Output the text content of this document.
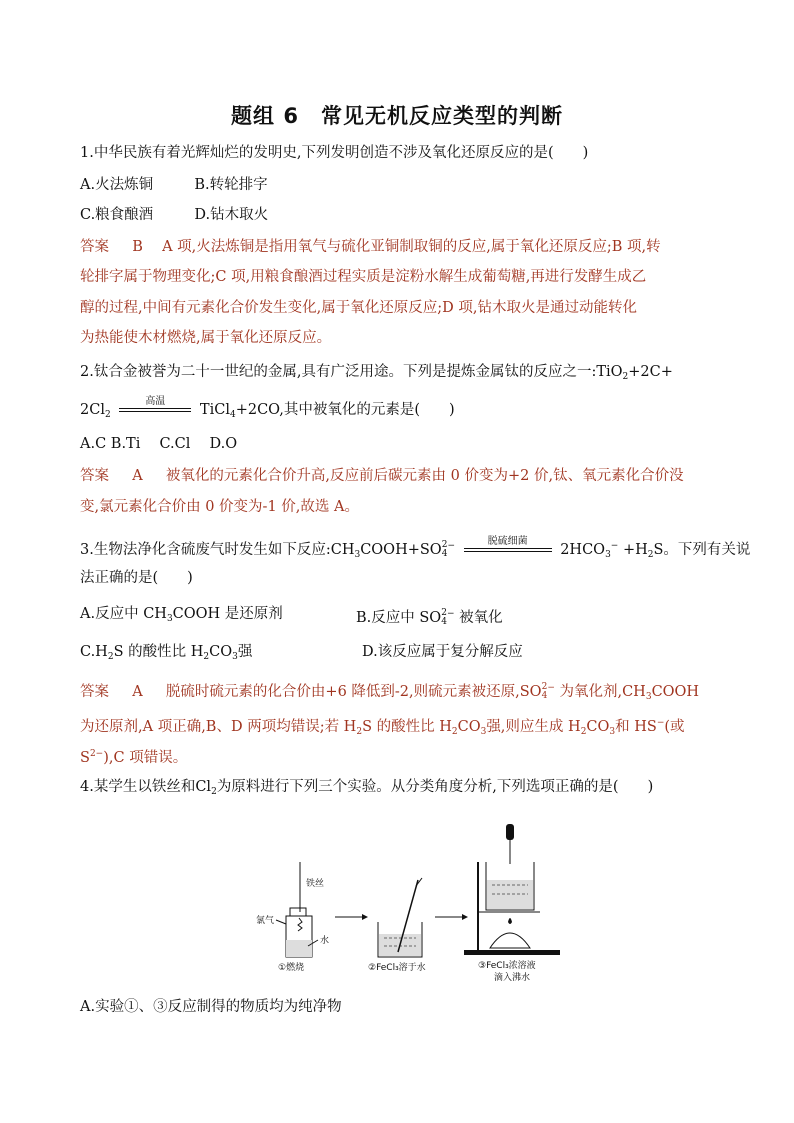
题组 6　常见无机反应类型的判断
1.中华民族有着光辉灿烂的发明史,下列发明创造不涉及氧化还原反应的是(　　)
A.火法炼铜	B.转轮排字
C.粮食酿酒	D.钻木取火
答案 B A 项,火法炼铜是指用氧气与硫化亚铜制取铜的反应,属于氧化还原反应;B 项,转
轮排字属于物理变化;C 项,用粮食酿酒过程实质是淀粉水解生成葡萄糖,再进行发酵生成乙
醇的过程,中间有元素化合价发生变化,属于氧化还原反应;D 项,钻木取火是通过动能转化
为热能使木材燃烧,属于氧化还原反应。
2.钛合金被誉为二十一世纪的金属,具有广泛用途。下列是提炼金属钛的反应之一:TiO$_2$+2C+
$2Cl_2$
高温
TiCl$_4$+2CO,其中被氧化的元素是(　　)
A.C B.Ti　 C.Cl　 D.O
答案 A 被氧化的元素化合价升高,反应前后碳元素由 0 价变为+2 价,钛、氧元素化合价没
变,氯元素化合价由 0 价变为-1 价,故选 A。
3.生物法净化含硫废气时发生如下反应$:CH_3COOH+SO$ 2
4
−	脱硫细菌
$2HCO_3^- +H_2S$。下列有关说
法正确的是(　　)
A.反应中 $CH_3COOH$ 是还原剂	B.反应中 SO 2
4
− 被氧化
$C.H_2S$ 的酸性比 $H_2CO_3$强	D.该反应属于复分解反应
答案 A 脱硫时硫元素的化合价由+6 降低到-2,则硫元素被还原,SO 2
4
− 为氧化剂$,CH_3COOH$
为还原剂,A 项正确,B、D 两项均错误;若 $H_2S$ 的酸性比 $H_2CO_3$强,则应生成 $H_2CO_3$和 HS−(或
$S^{2-}),C$ 项错误。
4.某学生以铁丝和$Cl_2$为原料进行下列三个实验。从分类角度分析,下列选项正确的是(　　)
铁丝
氯气
水
①燃烧	②FeCl₃溶于水	③FeCl₃浓溶液
滴入沸水
A.实验①、③反应制得的物质均为纯净物
